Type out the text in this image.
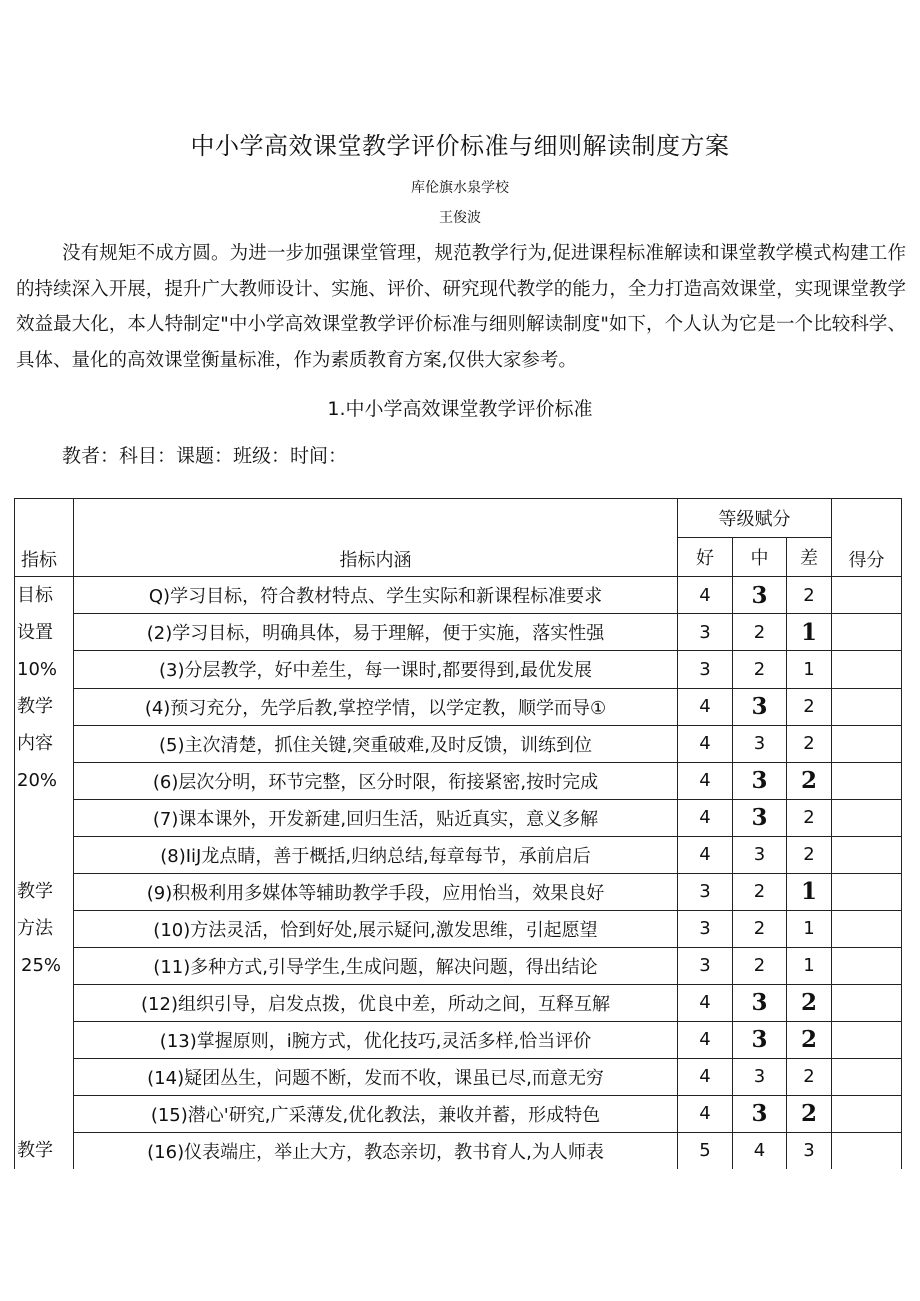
中小学高效课堂教学评价标准与细则解读制度方案
库伦旗水泉学校
王俊波

没有规矩不成方圆。为进一步加强课堂管理，规范教学行为,促进课程标准解读和课堂教学模式构建工作的持续深入开展，提升广大教师设计、实施、评价、研究现代教学的能力，全力打造高效课堂，实现课堂教学效益最大化，本人特制定"中小学高效课堂教学评价标准与细则解读制度"如下，个人认为它是一个比较科学、具体、量化的高效课堂衡量标准，作为素质教育方案,仅供大家参考。

1.中小学高效课堂教学评价标准
教者：科目：课题：班级：时间：
指标	指标内涵	等级赋分			得分
		好	中	差	

目标
设置
10%	Q)学习目标，符合教材特点、学生实际和新课程标准要求	4	3	2	
	(2)学习目标，明确具体，易于理解，便于实施，落实性强	3	2	1	
	(3)分层教学，好中差生，每一课时,都要得到,最优发展	3	2	1	

教学
内容
20%	(4)预习充分，先学后教,掌控学情，以学定教，顺学而导①	4	3	2	
	(5)主次清楚，抓住关键,突重破难,及时反馈，训练到位	4	3	2	
	(6)层次分明，环节完整，区分时限，衔接紧密,按时完成	4	3	2	
	(7)课本课外，开发新建,回归生活，贴近真实，意义多解	4	3	2	
	(8)IiJ龙点睛，善于概括,归纳总结,每章每节，承前启后	4	3	2	

教学
方法
25%	(9)积极利用多媒体等辅助教学手段，应用怡当，效果良好	3	2	1	
	(10)方法灵活，恰到好处,展示疑问,激发思维，引起愿望	3	2	1	
	(11)多种方式,引导学生,生成问题，解决问题，得出结论	3	2	1	
	(12)组织引导，启发点拨，优良中差，所动之间，互释互解	4	3	2	
	(13)掌握原则，i腕方式，优化技巧,灵活多样,恰当评价	4	3	2	
	(14)疑团丛生，问题不断，发而不收，课虽已尽,而意无穷	4	3	2	
	(15)潜心'研究,广采薄发,优化教法，兼收并蓄，形成特色	4	3	2	

教学	(16)仪表端庄，举止大方，教态亲切，教书育人,为人师表	5	4	3	
